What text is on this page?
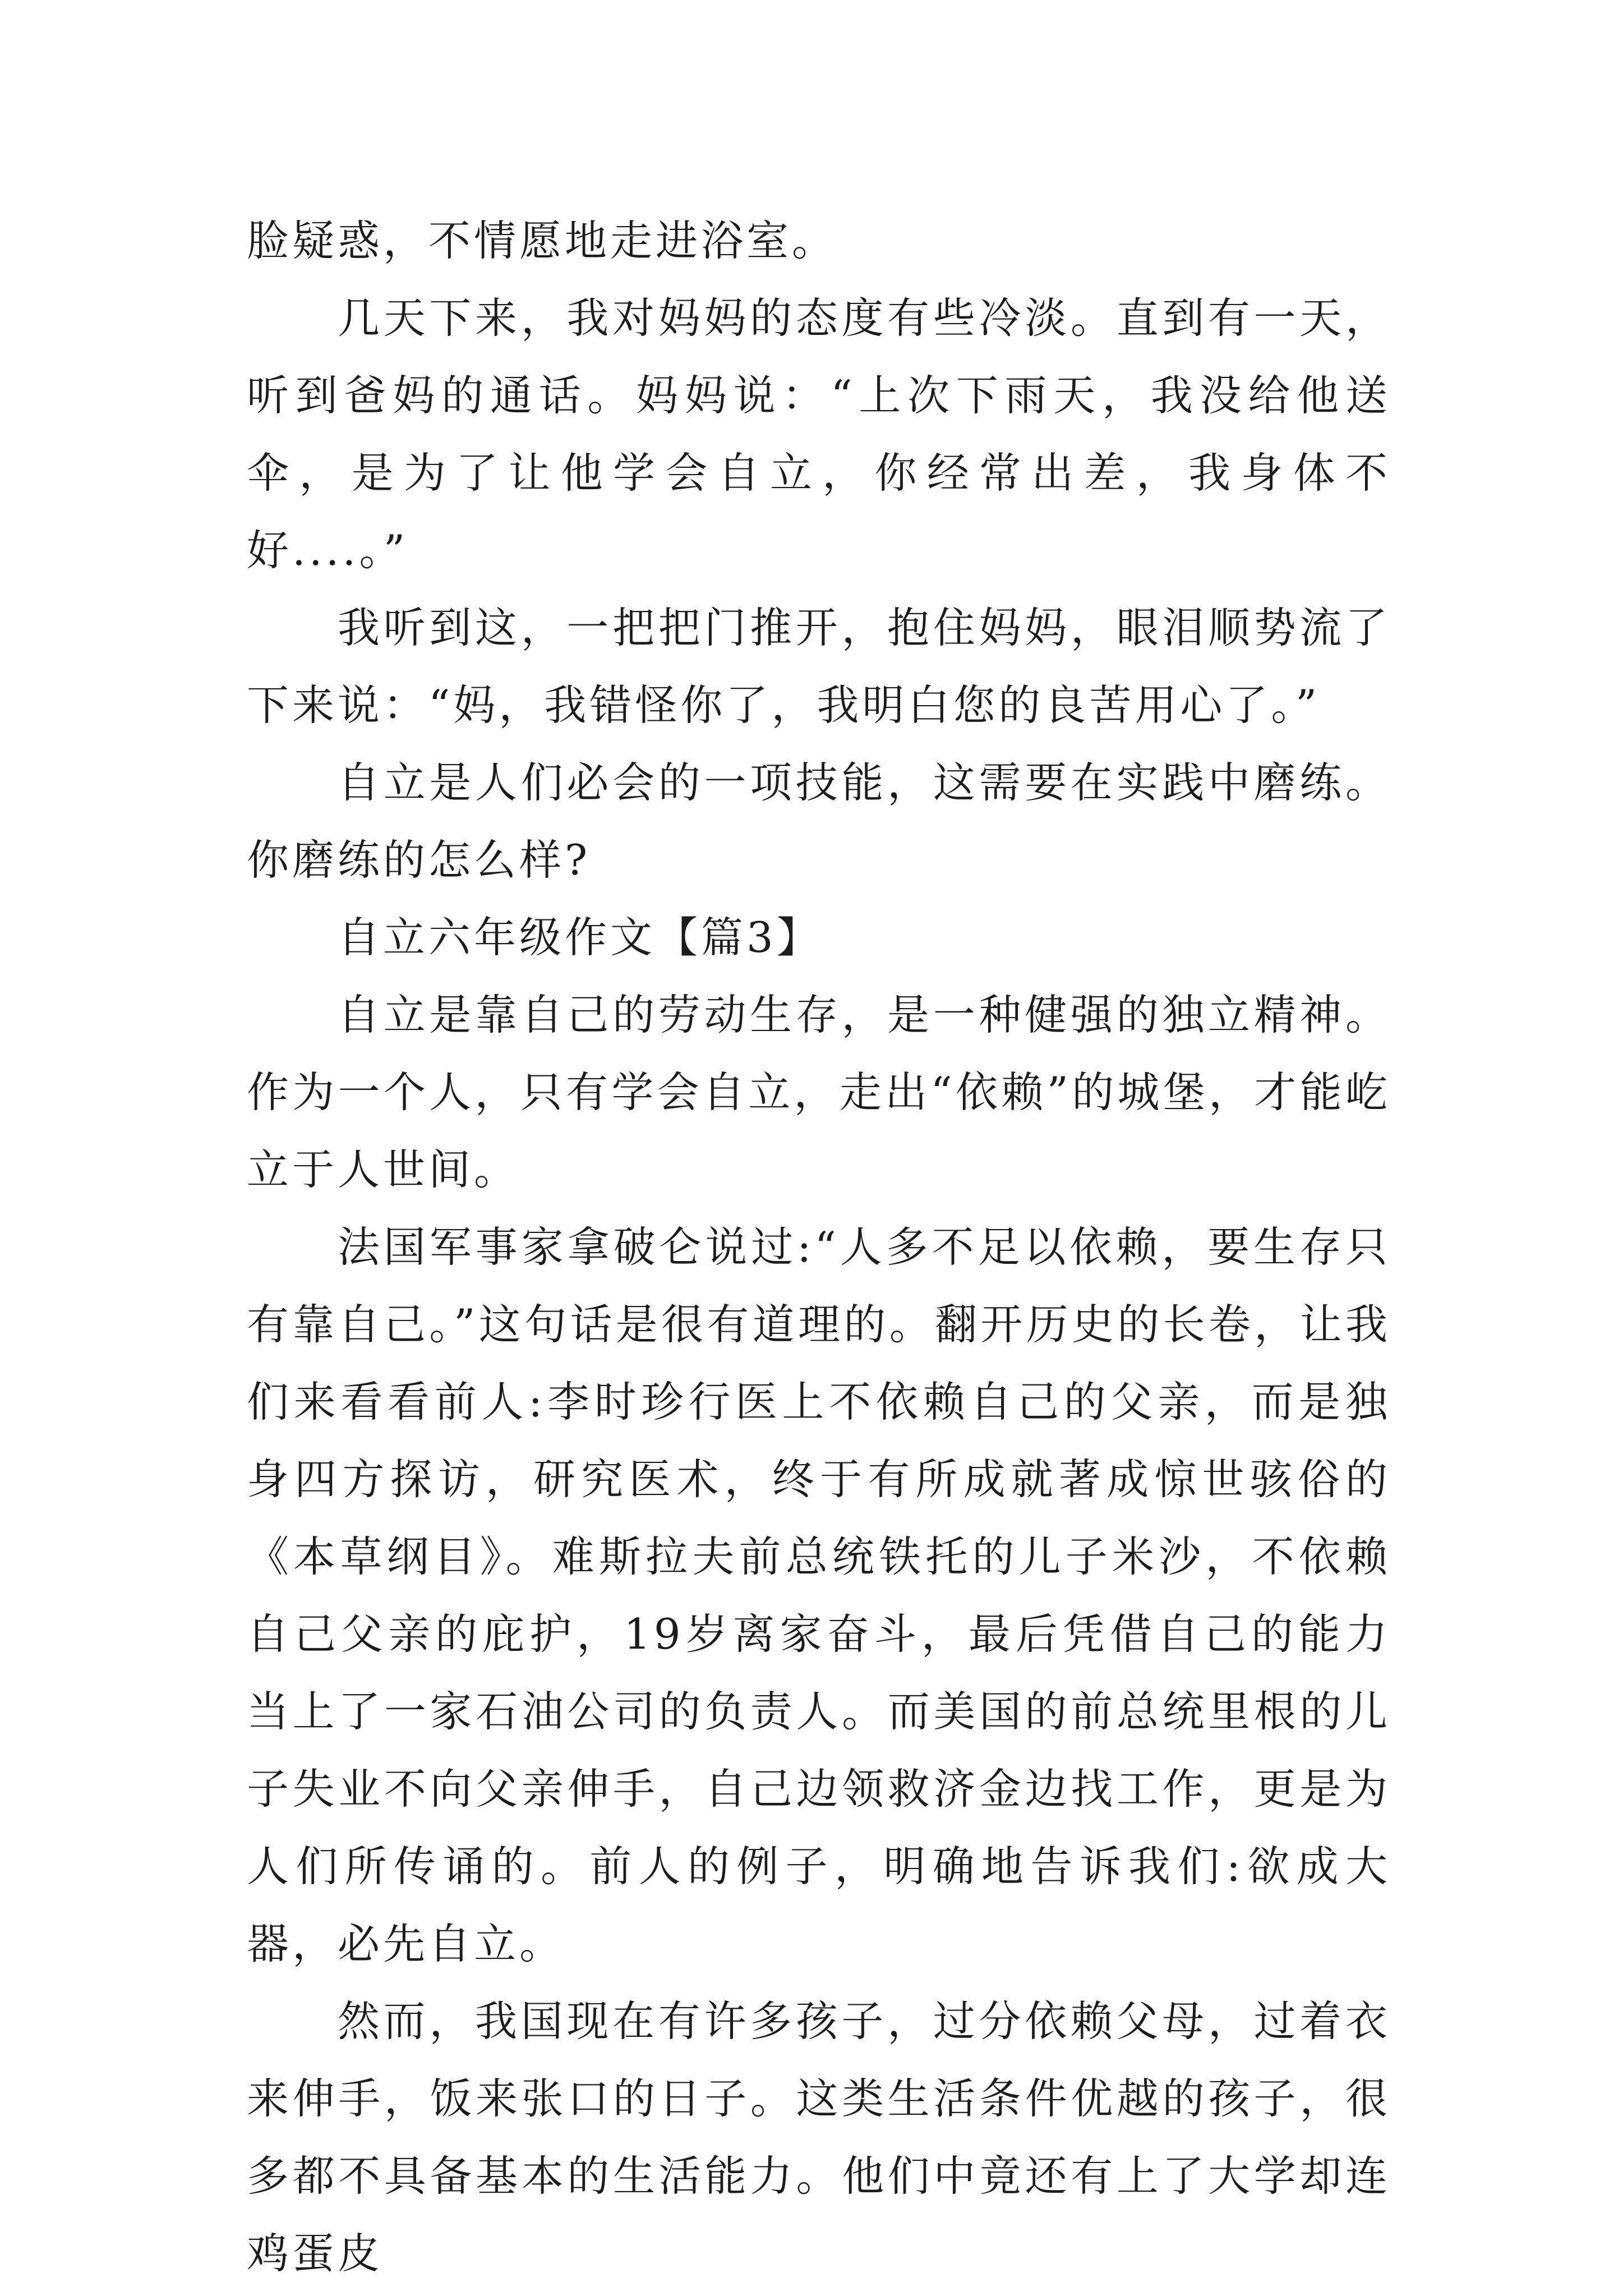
脸疑惑，不情愿地走进浴室。

几天下来，我对妈妈的态度有些冷淡。直到有一天，听到爸妈的通话。妈妈说：“上次下雨天，我没给他送伞，是为了让他学会自立，你经常出差，我身体不好....。”

我听到这，一把把门推开，抱住妈妈，眼泪顺势流了下来说：“妈，我错怪你了，我明白您的良苦用心了。”

自立是人们必会的一项技能，这需要在实践中磨练。你磨练的怎么样?

自立六年级作文【篇3】

自立是靠自己的劳动生存，是一种健强的独立精神。作为一个人，只有学会自立，走出“依赖”的城堡，才能屹立于人世间。

法国军事家拿破仑说过:“人多不足以依赖，要生存只有靠自己。”这句话是很有道理的。翻开历史的长卷，让我们来看看前人:李时珍行医上不依赖自己的父亲，而是独身四方探访，研究医术，终于有所成就著成惊世骇俗的《本草纲目》。难斯拉夫前总统铁托的儿子米沙，不依赖自己父亲的庇护，19岁离家奋斗，最后凭借自己的能力当上了一家石油公司的负责人。而美国的前总统里根的儿子失业不向父亲伸手，自己边领救济金边找工作，更是为人们所传诵的。前人的例子，明确地告诉我们:欲成大器，必先自立。

然而，我国现在有许多孩子，过分依赖父母，过着衣来伸手，饭来张口的日子。这类生活条件优越的孩子，很多都不具备基本的生活能力。他们中竟还有上了大学却连鸡蛋皮
